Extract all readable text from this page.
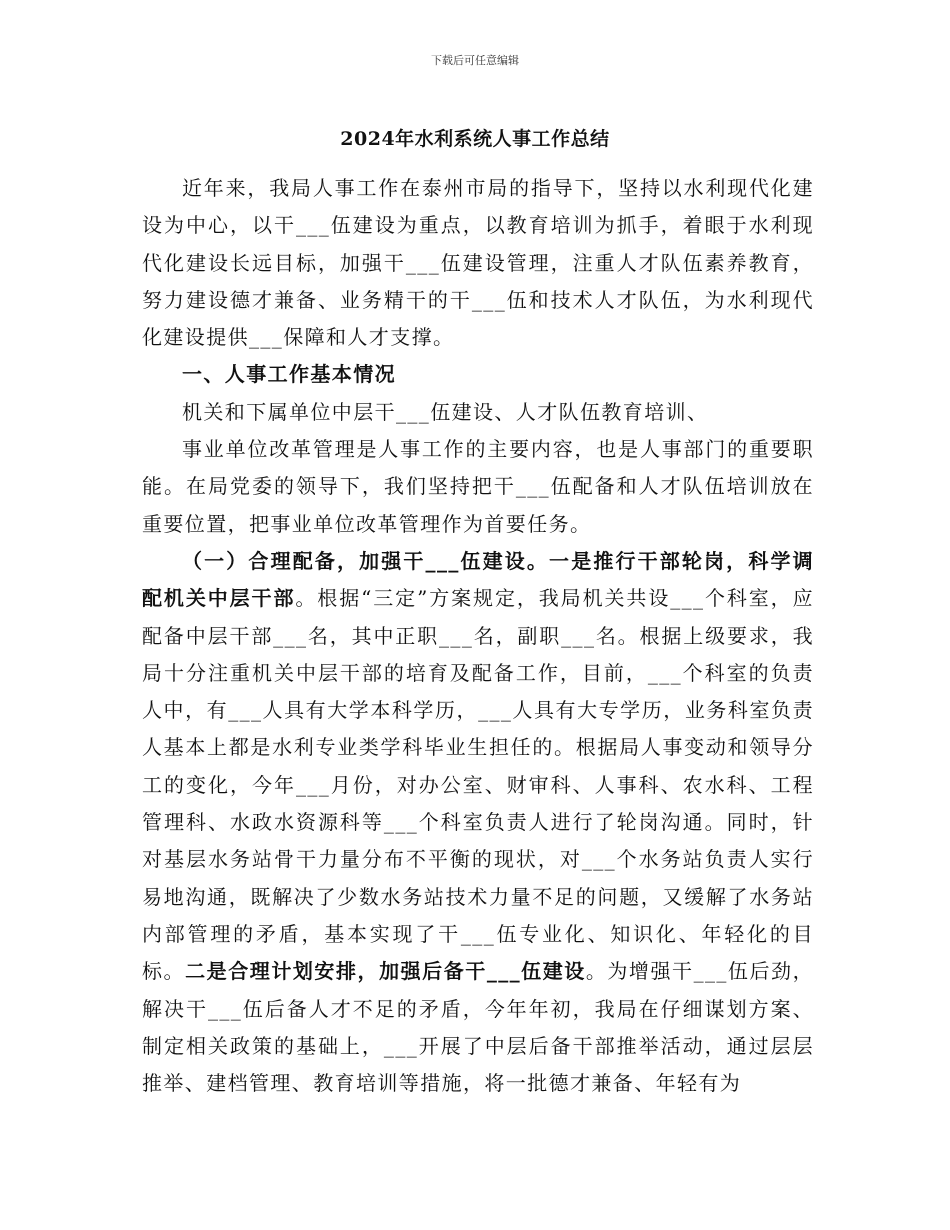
下载后可任意编辑
2024年水利系统人事工作总结

近年来，我局人事工作在泰州市局的指导下，坚持以水利现代化建设为中心，以干___伍建设为重点，以教育培训为抓手，着眼于水利现代化建设长远目标，加强干___伍建设管理，注重人才队伍素养教育，努力建设德才兼备、业务精干的干___伍和技术人才队伍，为水利现代化建设提供___保障和人才支撑。

一、人事工作基本情况

机关和下属单位中层干___伍建设、人才队伍教育培训、

事业单位改革管理是人事工作的主要内容，也是人事部门的重要职能。在局党委的领导下，我们坚持把干___伍配备和人才队伍培训放在重要位置，把事业单位改革管理作为首要任务。

（一）合理配备，加强干___伍建设。一是推行干部轮岗，科学调配机关中层干部。根据“三定”方案规定，我局机关共设___个科室，应配备中层干部___名，其中正职___名，副职___名。根据上级要求，我局十分注重机关中层干部的培育及配备工作，目前，___个科室的负责人中，有___人具有大学本科学历，___人具有大专学历，业务科室负责人基本上都是水利专业类学科毕业生担任的。根据局人事变动和领导分工的变化，今年___月份，对办公室、财审科、人事科、农水科、工程管理科、水政水资源科等___个科室负责人进行了轮岗沟通。同时，针对基层水务站骨干力量分布不平衡的现状，对___个水务站负责人实行易地沟通，既解决了少数水务站技术力量不足的问题，又缓解了水务站内部管理的矛盾，基本实现了干___伍专业化、知识化、年轻化的目标。二是合理计划安排，加强后备干___伍建设。为增强干___伍后劲，解决干___伍后备人才不足的矛盾，今年年初，我局在仔细谋划方案、制定相关政策的基础上，___开展了中层后备干部推举活动，通过层层推举、建档管理、教育培训等措施，将一批德才兼备、年轻有为
